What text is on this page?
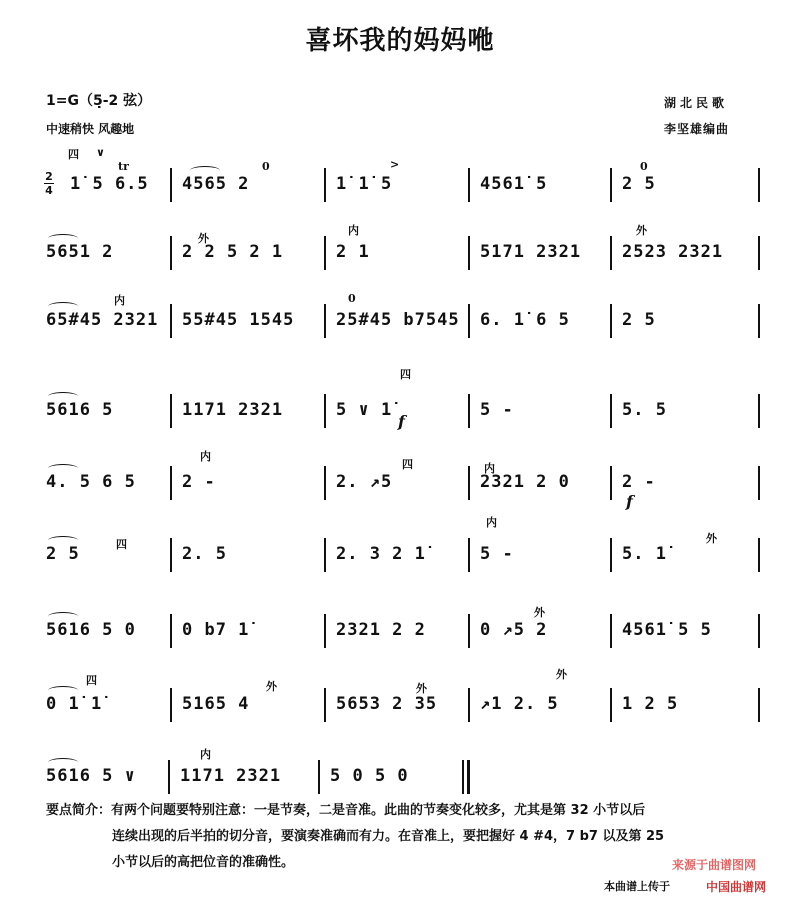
喜坏我的妈妈咃
1=G（5̣-2 弦）
中速稍快 风趣地
湖北民歌
李坚雄编曲
2
4 1̇ 5 6.5 4565 2	1̇ 1̇ 5	4561̇ 5	2 5
5651 2	2 2 5 2 1	2 1	5171 2321 2523 2321
65#45 2321 55#45 1545 25#45 b7545 6. 1̇ 6 5	2 5
5616 5	1171 2321	5 ∨ 1̇	5 -	5. 5
4. 5 6 5	2 -	2. ↗5	2321 2 0	2 -
2 5	2. 5	2. 3 2 1̇	5 -	5. 1̇
5616 5 0	0 b7 1̇	2321 2 2	0 ↗5 2	4561̇ 5 5
0 1̇ 1̇	5165 4	5653 2 35	↗1 2. 5	1 2 5
5616 5 ∨	1171 2321	5 0 5 0
四 ∨
tr	0	>	0
外
内	外
内	0
四
内
四	内
四
内
外
外
四	外	外
外
内
f
f
要点简介：有两个问题要特别注意：一是节奏，二是音准。此曲的节奏变化较多，尤其是第 32 小节以后
连续出现的后半拍的切分音，要演奏准确而有力。在音准上，要把握好 4 #4，7 b7 以及第 25
小节以后的高把位音的准确性。	来源于曲谱图网
本曲谱上传于	中国曲谱网
